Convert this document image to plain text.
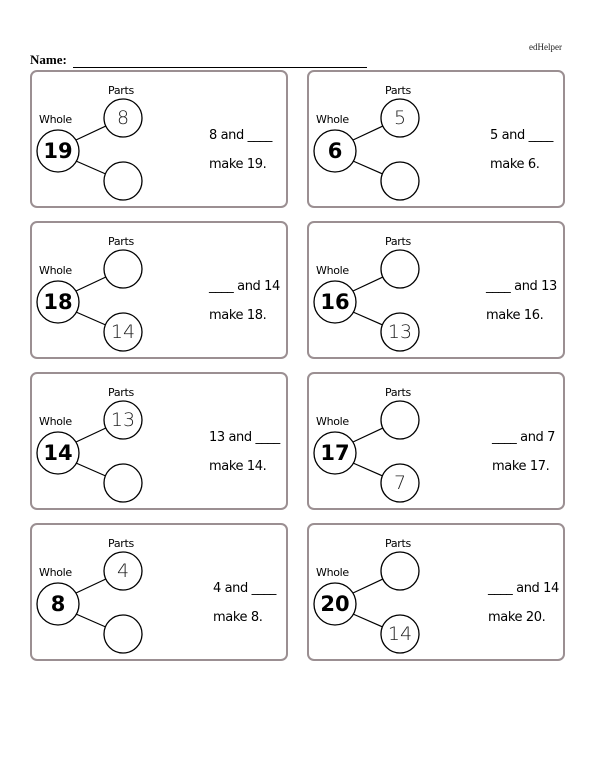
edHelper
Name:
Parts
Whole
19
8
8 and ____
make 19.
Parts
Whole
6
5
5 and ____
make 6.
Parts
Whole
18
14
____ and 14
make 18.
Parts
Whole
16
13
____ and 13
make 16.
Parts
Whole
14
13
13 and ____
make 14.
Parts
Whole
17
7
____ and 7
make 17.
Parts
Whole
8
4
4 and ____
make 8.
Parts
Whole
20
14
____ and 14
make 20.
